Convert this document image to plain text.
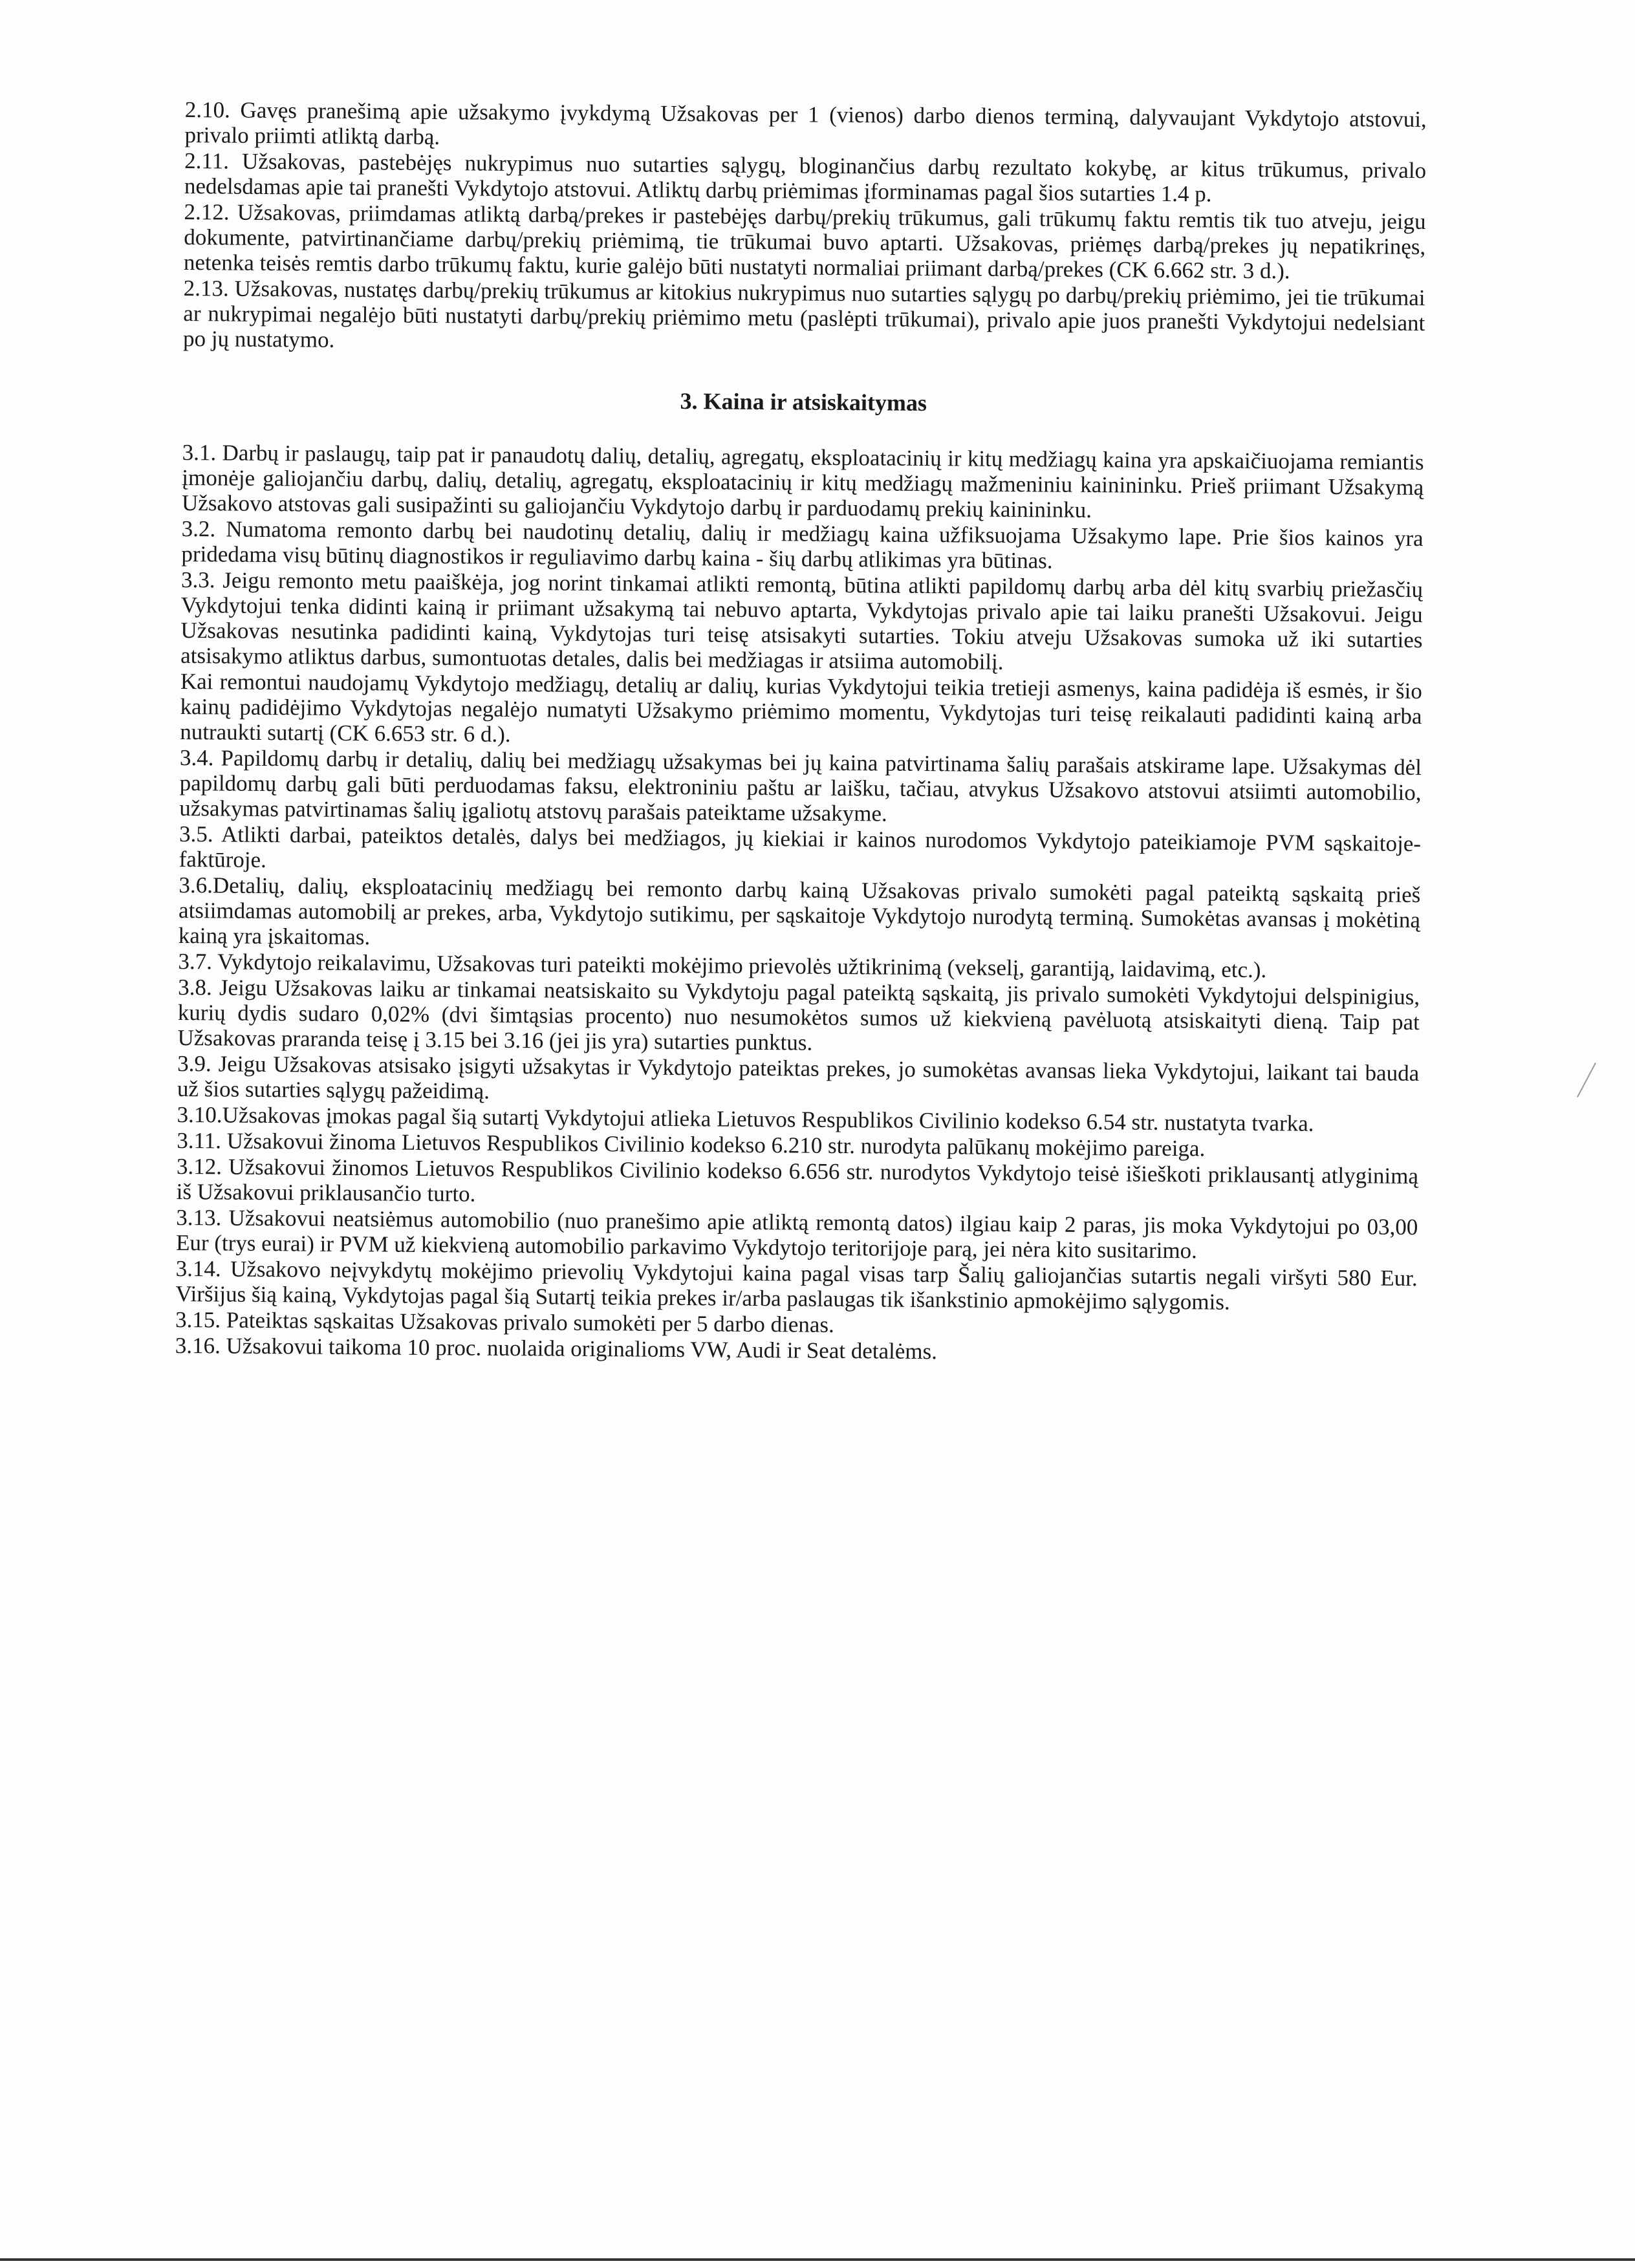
2.10. Gavęs pranešimą apie užsakymo įvykdymą Užsakovas per 1 (vienos) darbo dienos terminą, dalyvaujant Vykdytojo atstovui, privalo priimti atliktą darbą.

2.11. Užsakovas, pastebėjęs nukrypimus nuo sutarties sąlygų, bloginančius darbų rezultato kokybę, ar kitus trūkumus, privalo nedelsdamas apie tai pranešti Vykdytojo atstovui. Atliktų darbų priėmimas įforminamas pagal šios sutarties 1.4 p.

2.12. Užsakovas, priimdamas atliktą darbą/prekes ir pastebėjęs darbų/prekių trūkumus, gali trūkumų faktu remtis tik tuo atveju, jeigu dokumente, patvirtinančiame darbų/prekių priėmimą, tie trūkumai buvo aptarti. Užsakovas, priėmęs darbą/prekes jų nepatikrinęs, netenka teisės remtis darbo trūkumų faktu, kurie galėjo būti nustatyti normaliai priimant darbą/prekes (CK 6.662 str. 3 d.).

2.13. Užsakovas, nustatęs darbų/prekių trūkumus ar kitokius nukrypimus nuo sutarties sąlygų po darbų/prekių priėmimo, jei tie trūkumai ar nukrypimai negalėjo būti nustatyti darbų/prekių priėmimo metu (paslėpti trūkumai), privalo apie juos pranešti Vykdytojui nedelsiant po jų nustatymo.

3. Kaina ir atsiskaitymas

3.1. Darbų ir paslaugų, taip pat ir panaudotų dalių, detalių, agregatų, eksploatacinių ir kitų medžiagų kaina yra apskaičiuojama remiantis įmonėje galiojančiu darbų, dalių, detalių, agregatų, eksploatacinių ir kitų medžiagų mažmeniniu kainininku. Prieš priimant Užsakymą Užsakovo atstovas gali susipažinti su galiojančiu Vykdytojo darbų ir parduodamų prekių kainininku.

3.2. Numatoma remonto darbų bei naudotinų detalių, dalių ir medžiagų kaina užfiksuojama Užsakymo lape. Prie šios kainos yra pridedama visų būtinų diagnostikos ir reguliavimo darbų kaina - šių darbų atlikimas yra būtinas.

3.3. Jeigu remonto metu paaiškėja, jog norint tinkamai atlikti remontą, būtina atlikti papildomų darbų arba dėl kitų svarbių priežasčių Vykdytojui tenka didinti kainą ir priimant užsakymą tai nebuvo aptarta, Vykdytojas privalo apie tai laiku pranešti Užsakovui. Jeigu Užsakovas nesutinka padidinti kainą, Vykdytojas turi teisę atsisakyti sutarties. Tokiu atveju Užsakovas sumoka už iki sutarties atsisakymo atliktus darbus, sumontuotas detales, dalis bei medžiagas ir atsiima automobilį.

Kai remontui naudojamų Vykdytojo medžiagų, detalių ar dalių, kurias Vykdytojui teikia tretieji asmenys, kaina padidėja iš esmės, ir šio kainų padidėjimo Vykdytojas negalėjo numatyti Užsakymo priėmimo momentu, Vykdytojas turi teisę reikalauti padidinti kainą arba nutraukti sutartį (CK 6.653 str. 6 d.).

3.4. Papildomų darbų ir detalių, dalių bei medžiagų užsakymas bei jų kaina patvirtinama šalių parašais atskirame lape. Užsakymas dėl papildomų darbų gali būti perduodamas faksu, elektroniniu paštu ar laišku, tačiau, atvykus Užsakovo atstovui atsiimti automobilio, užsakymas patvirtinamas šalių įgaliotų atstovų parašais pateiktame užsakyme.

3.5. Atlikti darbai, pateiktos detalės, dalys bei medžiagos, jų kiekiai ir kainos nurodomos Vykdytojo pateikiamoje PVM sąskaitoje- faktūroje.

3.6.Detalių, dalių, eksploatacinių medžiagų bei remonto darbų kainą Užsakovas privalo sumokėti pagal pateiktą sąskaitą prieš atsiimdamas automobilį ar prekes, arba, Vykdytojo sutikimu, per sąskaitoje Vykdytojo nurodytą terminą. Sumokėtas avansas į mokėtiną kainą yra įskaitomas.

3.7. Vykdytojo reikalavimu, Užsakovas turi pateikti mokėjimo prievolės užtikrinimą (vekselį, garantiją, laidavimą, etc.).

3.8. Jeigu Užsakovas laiku ar tinkamai neatsiskaito su Vykdytoju pagal pateiktą sąskaitą, jis privalo sumokėti Vykdytojui delspinigius, kurių dydis sudaro 0,02% (dvi šimtąsias procento) nuo nesumokėtos sumos už kiekvieną pavėluotą atsiskaityti dieną. Taip pat Užsakovas praranda teisę į 3.15 bei 3.16 (jei jis yra) sutarties punktus.

3.9. Jeigu Užsakovas atsisako įsigyti užsakytas ir Vykdytojo pateiktas prekes, jo sumokėtas avansas lieka Vykdytojui, laikant tai bauda už šios sutarties sąlygų pažeidimą.

3.10.Užsakovas įmokas pagal šią sutartį Vykdytojui atlieka Lietuvos Respublikos Civilinio kodekso 6.54 str. nustatyta tvarka.

3.11. Užsakovui žinoma Lietuvos Respublikos Civilinio kodekso 6.210 str. nurodyta palūkanų mokėjimo pareiga.

3.12. Užsakovui žinomos Lietuvos Respublikos Civilinio kodekso 6.656 str. nurodytos Vykdytojo teisė išieškoti priklausantį atlyginimą iš Užsakovui priklausančio turto.

3.13. Užsakovui neatsiėmus automobilio (nuo pranešimo apie atliktą remontą datos) ilgiau kaip 2 paras, jis moka Vykdytojui po 03,00 Eur (trys eurai) ir PVM už kiekvieną automobilio parkavimo Vykdytojo teritorijoje parą, jei nėra kito susitarimo.

3.14. Užsakovo neįvykdytų mokėjimo prievolių Vykdytojui kaina pagal visas tarp Šalių galiojančias sutartis negali viršyti 580 Eur. Viršijus šią kainą, Vykdytojas pagal šią Sutartį teikia prekes ir/arba paslaugas tik išankstinio apmokėjimo sąlygomis.

3.15. Pateiktas sąskaitas Užsakovas privalo sumokėti per 5 darbo dienas.

3.16. Užsakovui taikoma 10 proc. nuolaida originalioms VW, Audi ir Seat detalėms.
